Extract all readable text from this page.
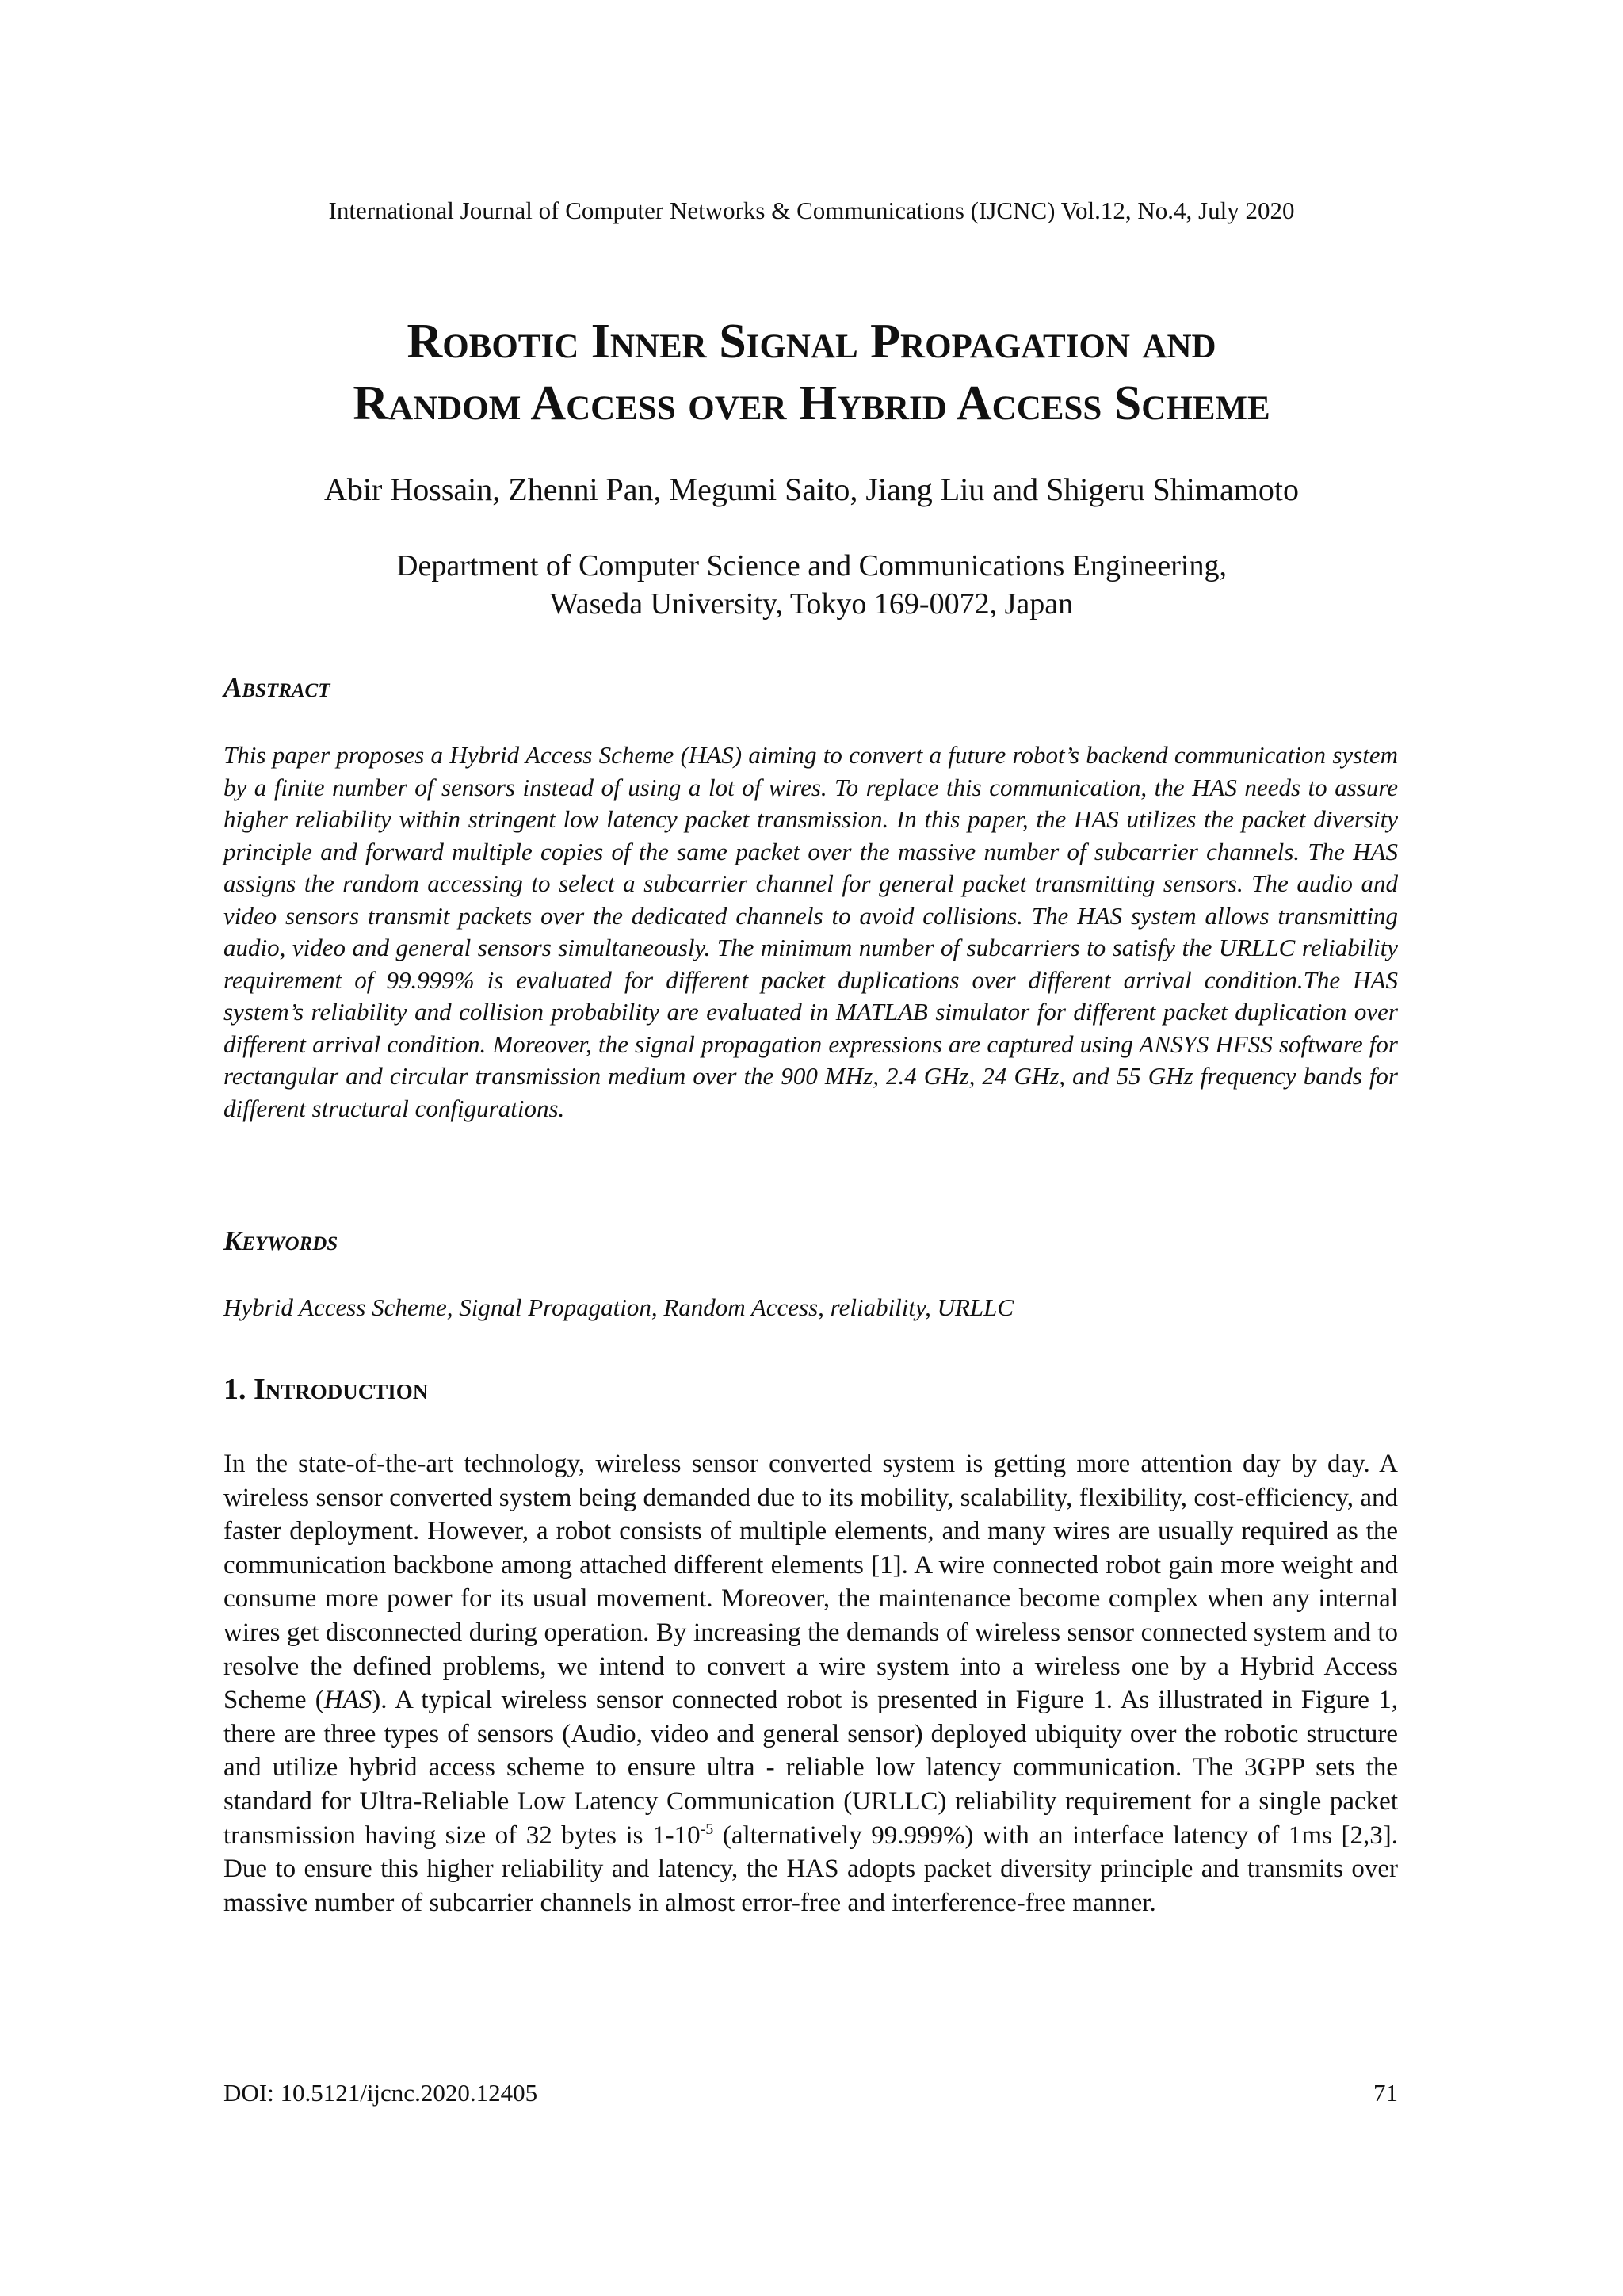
International Journal of Computer Networks & Communications (IJCNC) Vol.12, No.4, July 2020
Robotic Inner Signal Propagation and
Random Access over Hybrid Access Scheme
Abir Hossain, Zhenni Pan, Megumi Saito, Jiang Liu and Shigeru Shimamoto
Department of Computer Science and Communications Engineering,
Waseda University, Tokyo 169-0072, Japan
Abstract
This paper proposes a Hybrid Access Scheme (HAS) aiming to convert a future robot’s backend communication system by a finite number of sensors instead of using a lot of wires. To replace this communication, the HAS needs to assure higher reliability within stringent low latency packet transmission. In this paper, the HAS utilizes the packet diversity principle and forward multiple copies of the same packet over the massive number of subcarrier channels. The HAS assigns the random accessing to select a subcarrier channel for general packet transmitting sensors. The audio and video sensors transmit packets over the dedicated channels to avoid collisions. The HAS system allows transmitting audio, video and general sensors simultaneously. The minimum number of subcarriers to satisfy the URLLC reliability requirement of 99.999% is evaluated for different packet duplications over different arrival condition.The HAS system’s reliability and collision probability are evaluated in MATLAB simulator for different packet duplication over different arrival condition. Moreover, the signal propagation expressions are captured using ANSYS HFSS software for rectangular and circular transmission medium over the 900 MHz, 2.4 GHz, 24 GHz, and 55 GHz frequency bands for different structural configurations.
Keywords
Hybrid Access Scheme, Signal Propagation, Random Access, reliability, URLLC
1. Introduction
In the state-of-the-art technology, wireless sensor converted system is getting more attention day by day. A wireless sensor converted system being demanded due to its mobility, scalability, flexibility, cost-efficiency, and faster deployment. However, a robot consists of multiple elements, and many wires are usually required as the communication backbone among attached different elements [1]. A wire connected robot gain more weight and consume more power for its usual movement. Moreover, the maintenance become complex when any internal wires get disconnected during operation. By increasing the demands of wireless sensor connected system and to resolve the defined problems, we intend to convert a wire system into a wireless one by a Hybrid Access Scheme (HAS). A typical wireless sensor connected robot is presented in Figure 1. As illustrated in Figure 1, there are three types of sensors (Audio, video and general sensor) deployed ubiquity over the robotic structure and utilize hybrid access scheme to ensure ultra - reliable low latency communication. The 3GPP sets the standard for Ultra-Reliable Low Latency Communication (URLLC) reliability requirement for a single packet transmission having size of 32 bytes is $1-10^{-5}$ (alternatively 99.999%) with an interface latency of 1ms [2,3]. Due to ensure this higher reliability and latency, the HAS adopts packet diversity principle and transmits over massive number of subcarrier channels in almost error-free and interference-free manner.
DOI: 10.5121/ijcnc.2020.12405	71
